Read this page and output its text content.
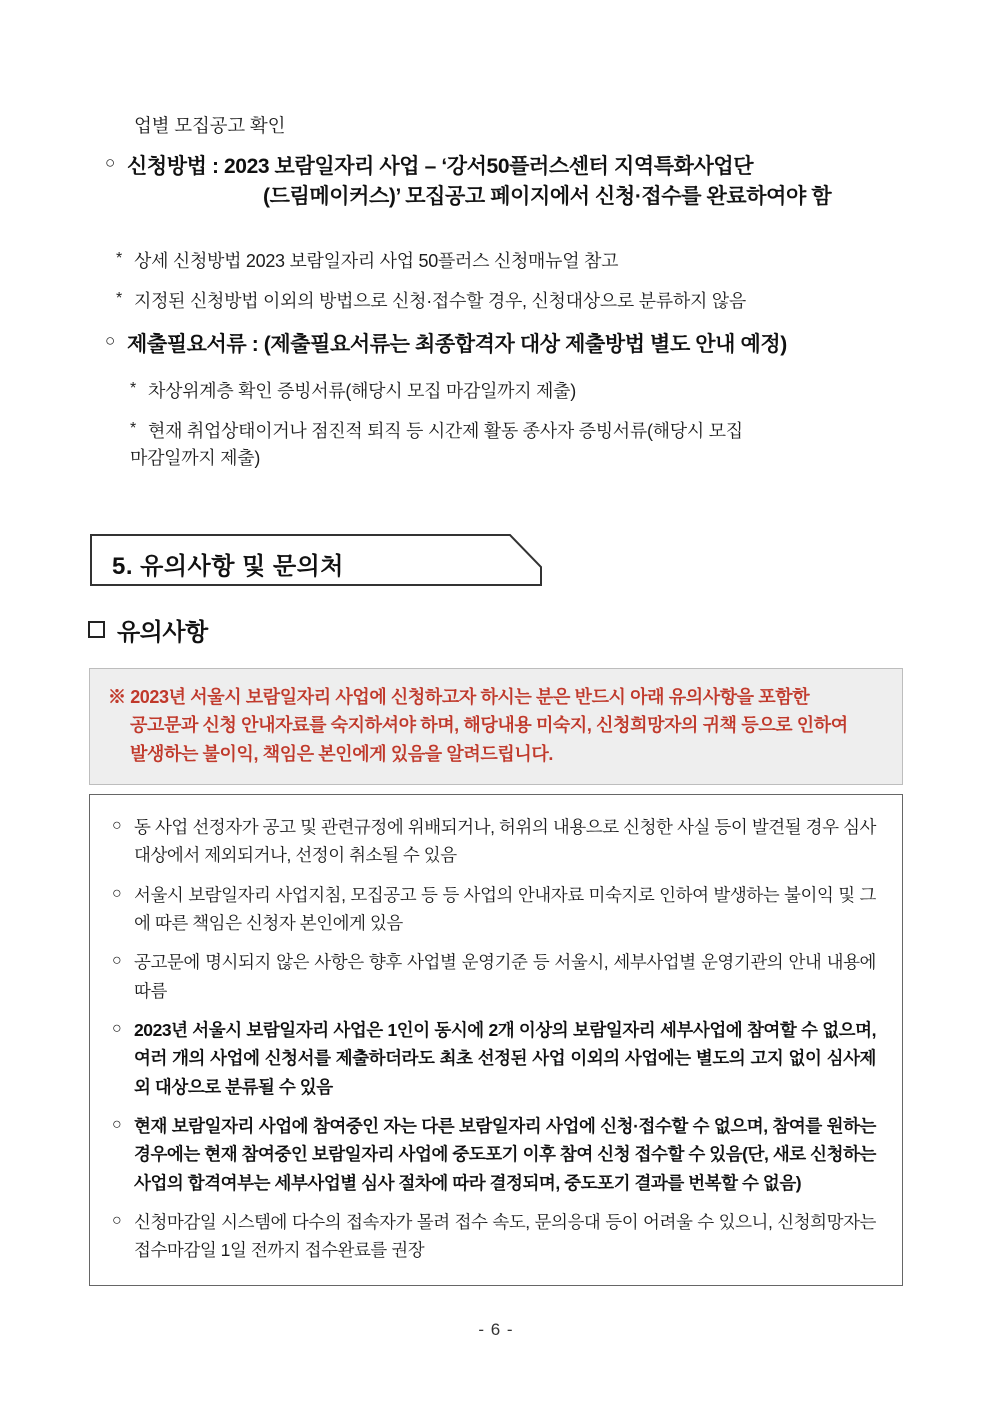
업별 모집공고 확인
○ 신청방법 : 2023 보람일자리 사업 – ‘강서50플러스센터 지역특화사업단
(드림메이커스)’ 모집공고 페이지에서 신청·접수를 완료하여야 함
* 상세 신청방법 2023 보람일자리 사업 50플러스 신청매뉴얼 참고
* 지정된 신청방법 이외의 방법으로 신청·접수할 경우, 신청대상으로 분류하지 않음
○ 제출필요서류 : (제출필요서류는 최종합격자 대상 제출방법 별도 안내 예정)
* 차상위계층 확인 증빙서류(해당시 모집 마감일까지 제출)
* 현재 취업상태이거나 점진적 퇴직 등 시간제 활동 종사자 증빙서류(해당시 모집
마감일까지 제출)
5. 유의사항 및 문의처
유의사항
※ 2023년 서울시 보람일자리 사업에 신청하고자 하시는 분은 반드시 아래 유의사항을 포함한
공고문과 신청 안내자료를 숙지하셔야 하며, 해당내용 미숙지, 신청희망자의 귀책 등으로 인하여
발생하는 불이익, 책임은 본인에게 있음을 알려드립니다.
○ 동 사업 선정자가 공고 및 관련규정에 위배되거나, 허위의 내용으로 신청한 사실 등이 발견될 경우 심사대상에서 제외되거나, 선정이 취소될 수 있음
○ 서울시 보람일자리 사업지침, 모집공고 등 등 사업의 안내자료 미숙지로 인하여 발생하는 불이익 및 그에 따른 책임은 신청자 본인에게 있음
○ 공고문에 명시되지 않은 사항은 향후 사업별 운영기준 등 서울시, 세부사업별 운영기관의 안내 내용에 따름
○ 2023년 서울시 보람일자리 사업은 1인이 동시에 2개 이상의 보람일자리 세부사업에 참여할 수 없으며, 여러 개의 사업에 신청서를 제출하더라도 최초 선정된 사업 이외의 사업에는 별도의 고지 없이 심사제외 대상으로 분류될 수 있음
○ 현재 보람일자리 사업에 참여중인 자는 다른 보람일자리 사업에 신청·접수할 수 없으며, 참여를 원하는 경우에는 현재 참여중인 보람일자리 사업에 중도포기 이후 참여 신청 접수할 수 있음(단, 새로 신청하는 사업의 합격여부는 세부사업별 심사 절차에 따라 결정되며, 중도포기 결과를 번복할 수 없음)
○ 신청마감일 시스템에 다수의 접속자가 몰려 접수 속도, 문의응대 등이 어려울 수 있으니, 신청희망자는 접수마감일 1일 전까지 접수완료를 권장
- 6 -
